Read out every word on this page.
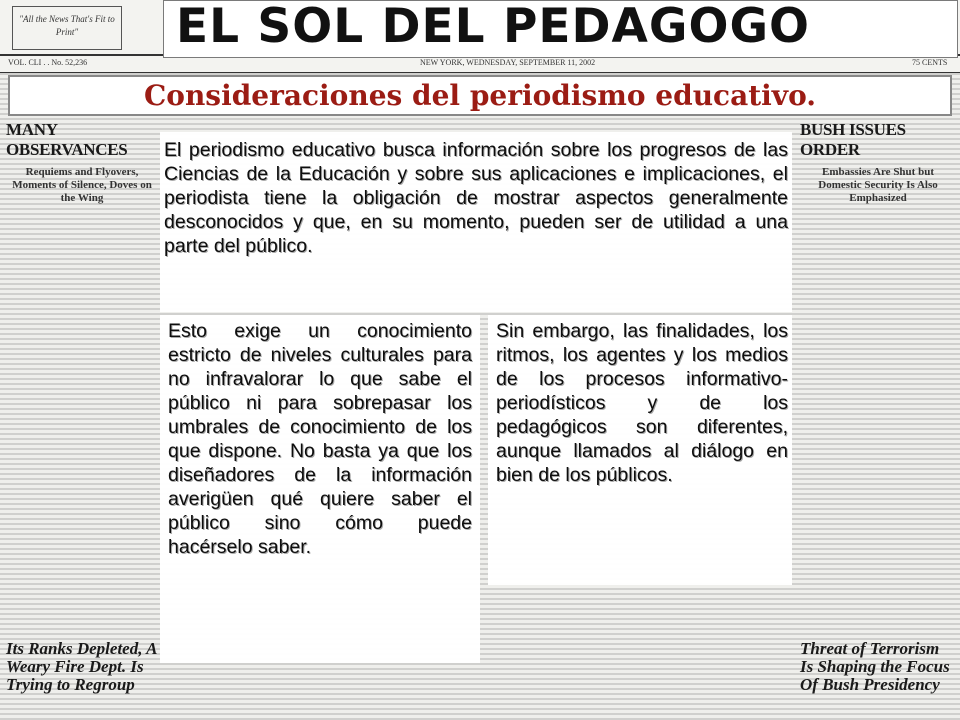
"All the News That's Fit to Print"
VOL. CLI . . No. 52,236	NEW YORK, WEDNESDAY, SEPTEMBER 11, 2002	75 CENTS
EL SOL DEL PEDAGOGO
Consideraciones del periodismo educativo.
MANY OBSERVANCES
Requiems and Flyovers, Moments of Silence, Doves on the Wing
Its Ranks Depleted, A Weary Fire Dept. Is Trying to Regroup
BUSH ISSUES ORDER
Embassies Are Shut but Domestic Security Is Also Emphasized
Threat of Terrorism Is Shaping the Focus Of Bush Presidency

El periodismo educativo busca información sobre los progresos de las Ciencias de la Educación y sobre sus aplicaciones e implicaciones, el periodista tiene la obligación de mostrar aspectos generalmente desconocidos y que, en su momento, pueden ser de utilidad a una parte del público.

Esto exige un conocimiento estricto de niveles culturales para no infravalorar lo que sabe el público ni para sobrepasar los umbrales de conocimiento de los que dispone. No basta ya que los diseñadores de la información averigüen qué quiere saber el público sino cómo puede hacérselo saber.

Sin embargo, las finalidades, los ritmos, los agentes y los medios de los procesos informativo-periodísticos y de los pedagógicos son diferentes, aunque llamados al diálogo en bien de los públicos.
